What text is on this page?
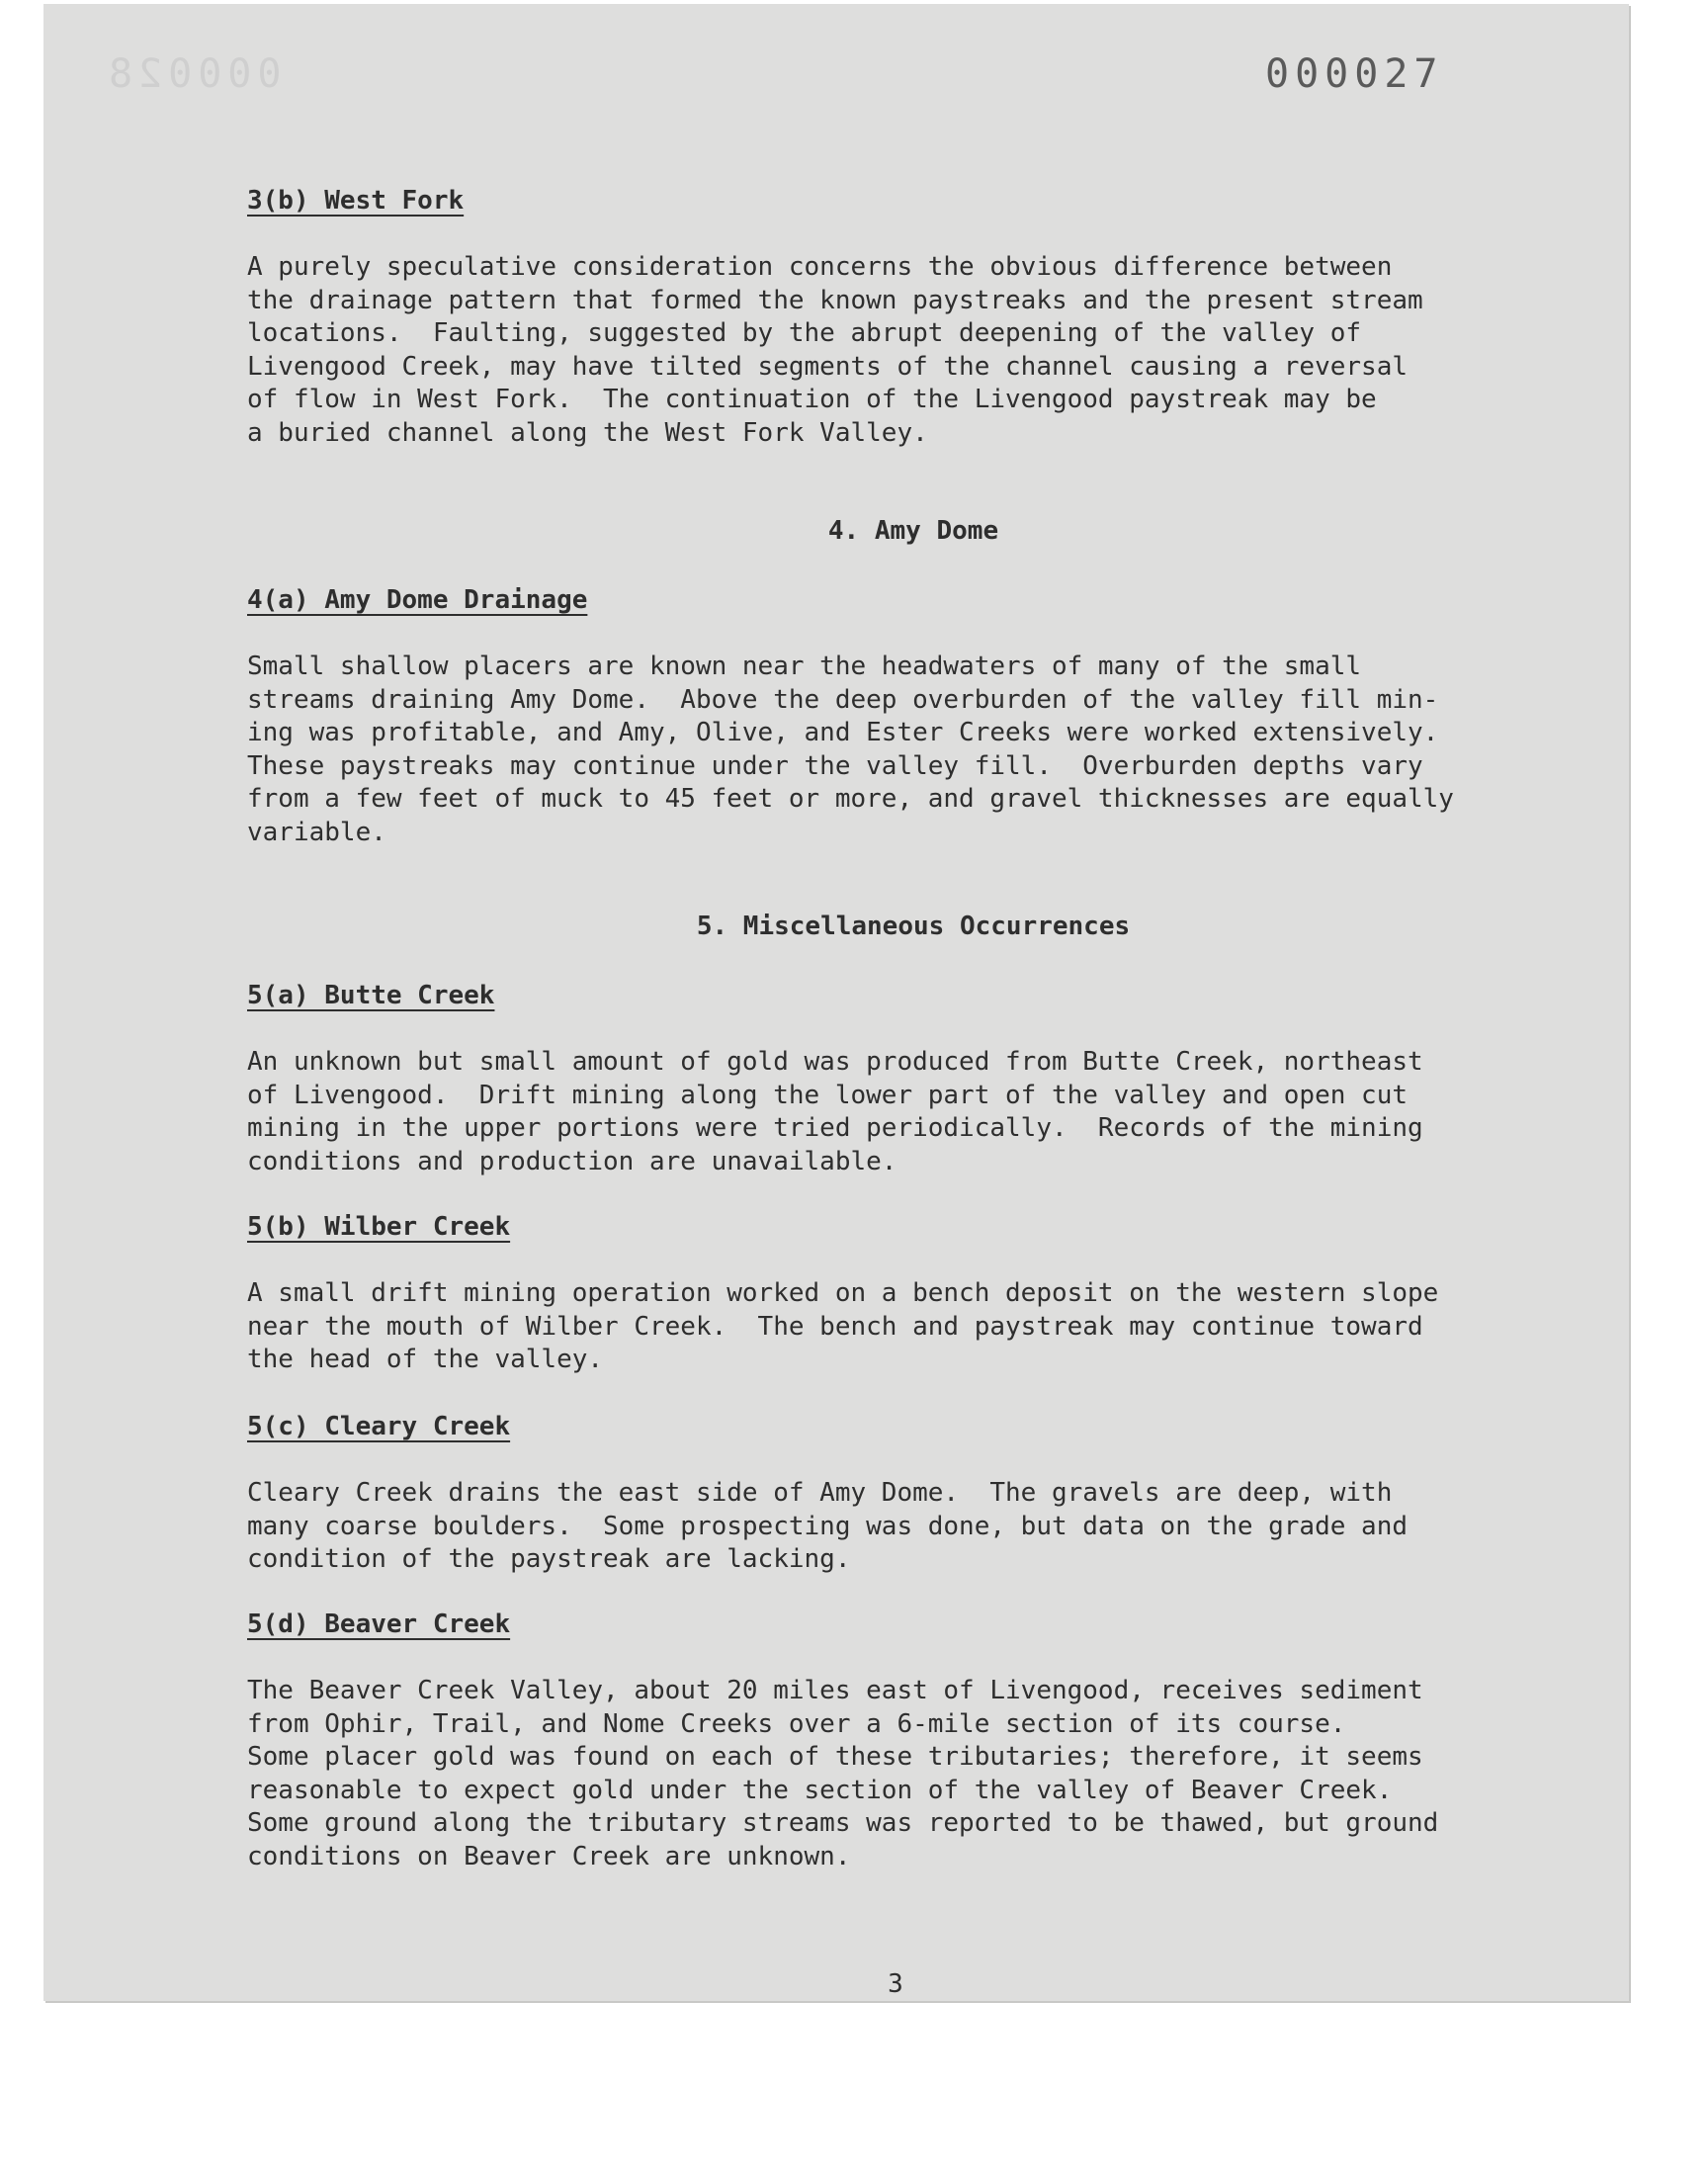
000028	000027
3(b) West Fork

A purely speculative consideration concerns the obvious difference between
the drainage pattern that formed the known paystreaks and the present stream
locations.  Faulting, suggested by the abrupt deepening of the valley of
Livengood Creek, may have tilted segments of the channel causing a reversal
of flow in West Fork.  The continuation of the Livengood paystreak may be
a buried channel along the West Fork Valley.

4. Amy Dome
4(a) Amy Dome Drainage

Small shallow placers are known near the headwaters of many of the small
streams draining Amy Dome.  Above the deep overburden of the valley fill min-
ing was profitable, and Amy, Olive, and Ester Creeks were worked extensively.
These paystreaks may continue under the valley fill.  Overburden depths vary
from a few feet of muck to 45 feet or more, and gravel thicknesses are equally
variable.

5. Miscellaneous Occurrences
5(a) Butte Creek

An unknown but small amount of gold was produced from Butte Creek, northeast
of Livengood.  Drift mining along the lower part of the valley and open cut
mining in the upper portions were tried periodically.  Records of the mining
conditions and production are unavailable.

5(b) Wilber Creek

A small drift mining operation worked on a bench deposit on the western slope
near the mouth of Wilber Creek.  The bench and paystreak may continue toward
the head of the valley.

5(c) Cleary Creek

Cleary Creek drains the east side of Amy Dome.  The gravels are deep, with
many coarse boulders.  Some prospecting was done, but data on the grade and
condition of the paystreak are lacking.

5(d) Beaver Creek

The Beaver Creek Valley, about 20 miles east of Livengood, receives sediment
from Ophir, Trail, and Nome Creeks over a 6-mile section of its course.
Some placer gold was found on each of these tributaries; therefore, it seems
reasonable to expect gold under the section of the valley of Beaver Creek.
Some ground along the tributary streams was reported to be thawed, but ground
conditions on Beaver Creek are unknown.

3
